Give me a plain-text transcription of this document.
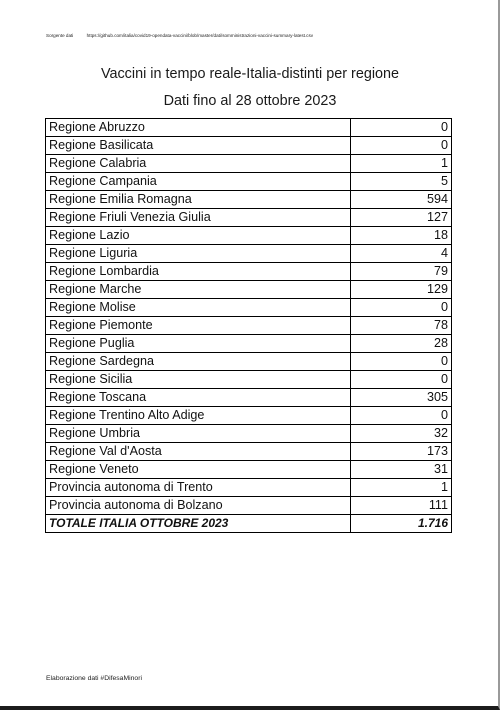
Sorgente dati	https://github.com/italia/covid19-opendata-vaccini/blob/master/dati/somministrazioni-vaccini-summary-latest.csv
Vaccini in tempo reale-Italia-distinti per regione
Dati fino al 28 ottobre 2023
Regione Abruzzo	0
Regione Basilicata	0
Regione Calabria	1
Regione Campania	5
Regione Emilia Romagna	594
Regione Friuli Venezia Giulia	127
Regione Lazio	18
Regione Liguria	4
Regione Lombardia	79
Regione Marche	129
Regione Molise	0
Regione Piemonte	78
Regione Puglia	28
Regione Sardegna	0
Regione Sicilia	0
Regione Toscana	305
Regione Trentino Alto Adige	0
Regione Umbria	32
Regione Val d'Aosta	173
Regione Veneto	31
Provincia autonoma di Trento	1
Provincia autonoma di Bolzano	111
TOTALE ITALIA OTTOBRE 2023	1.716
Elaborazione dati #DifesaMinori
